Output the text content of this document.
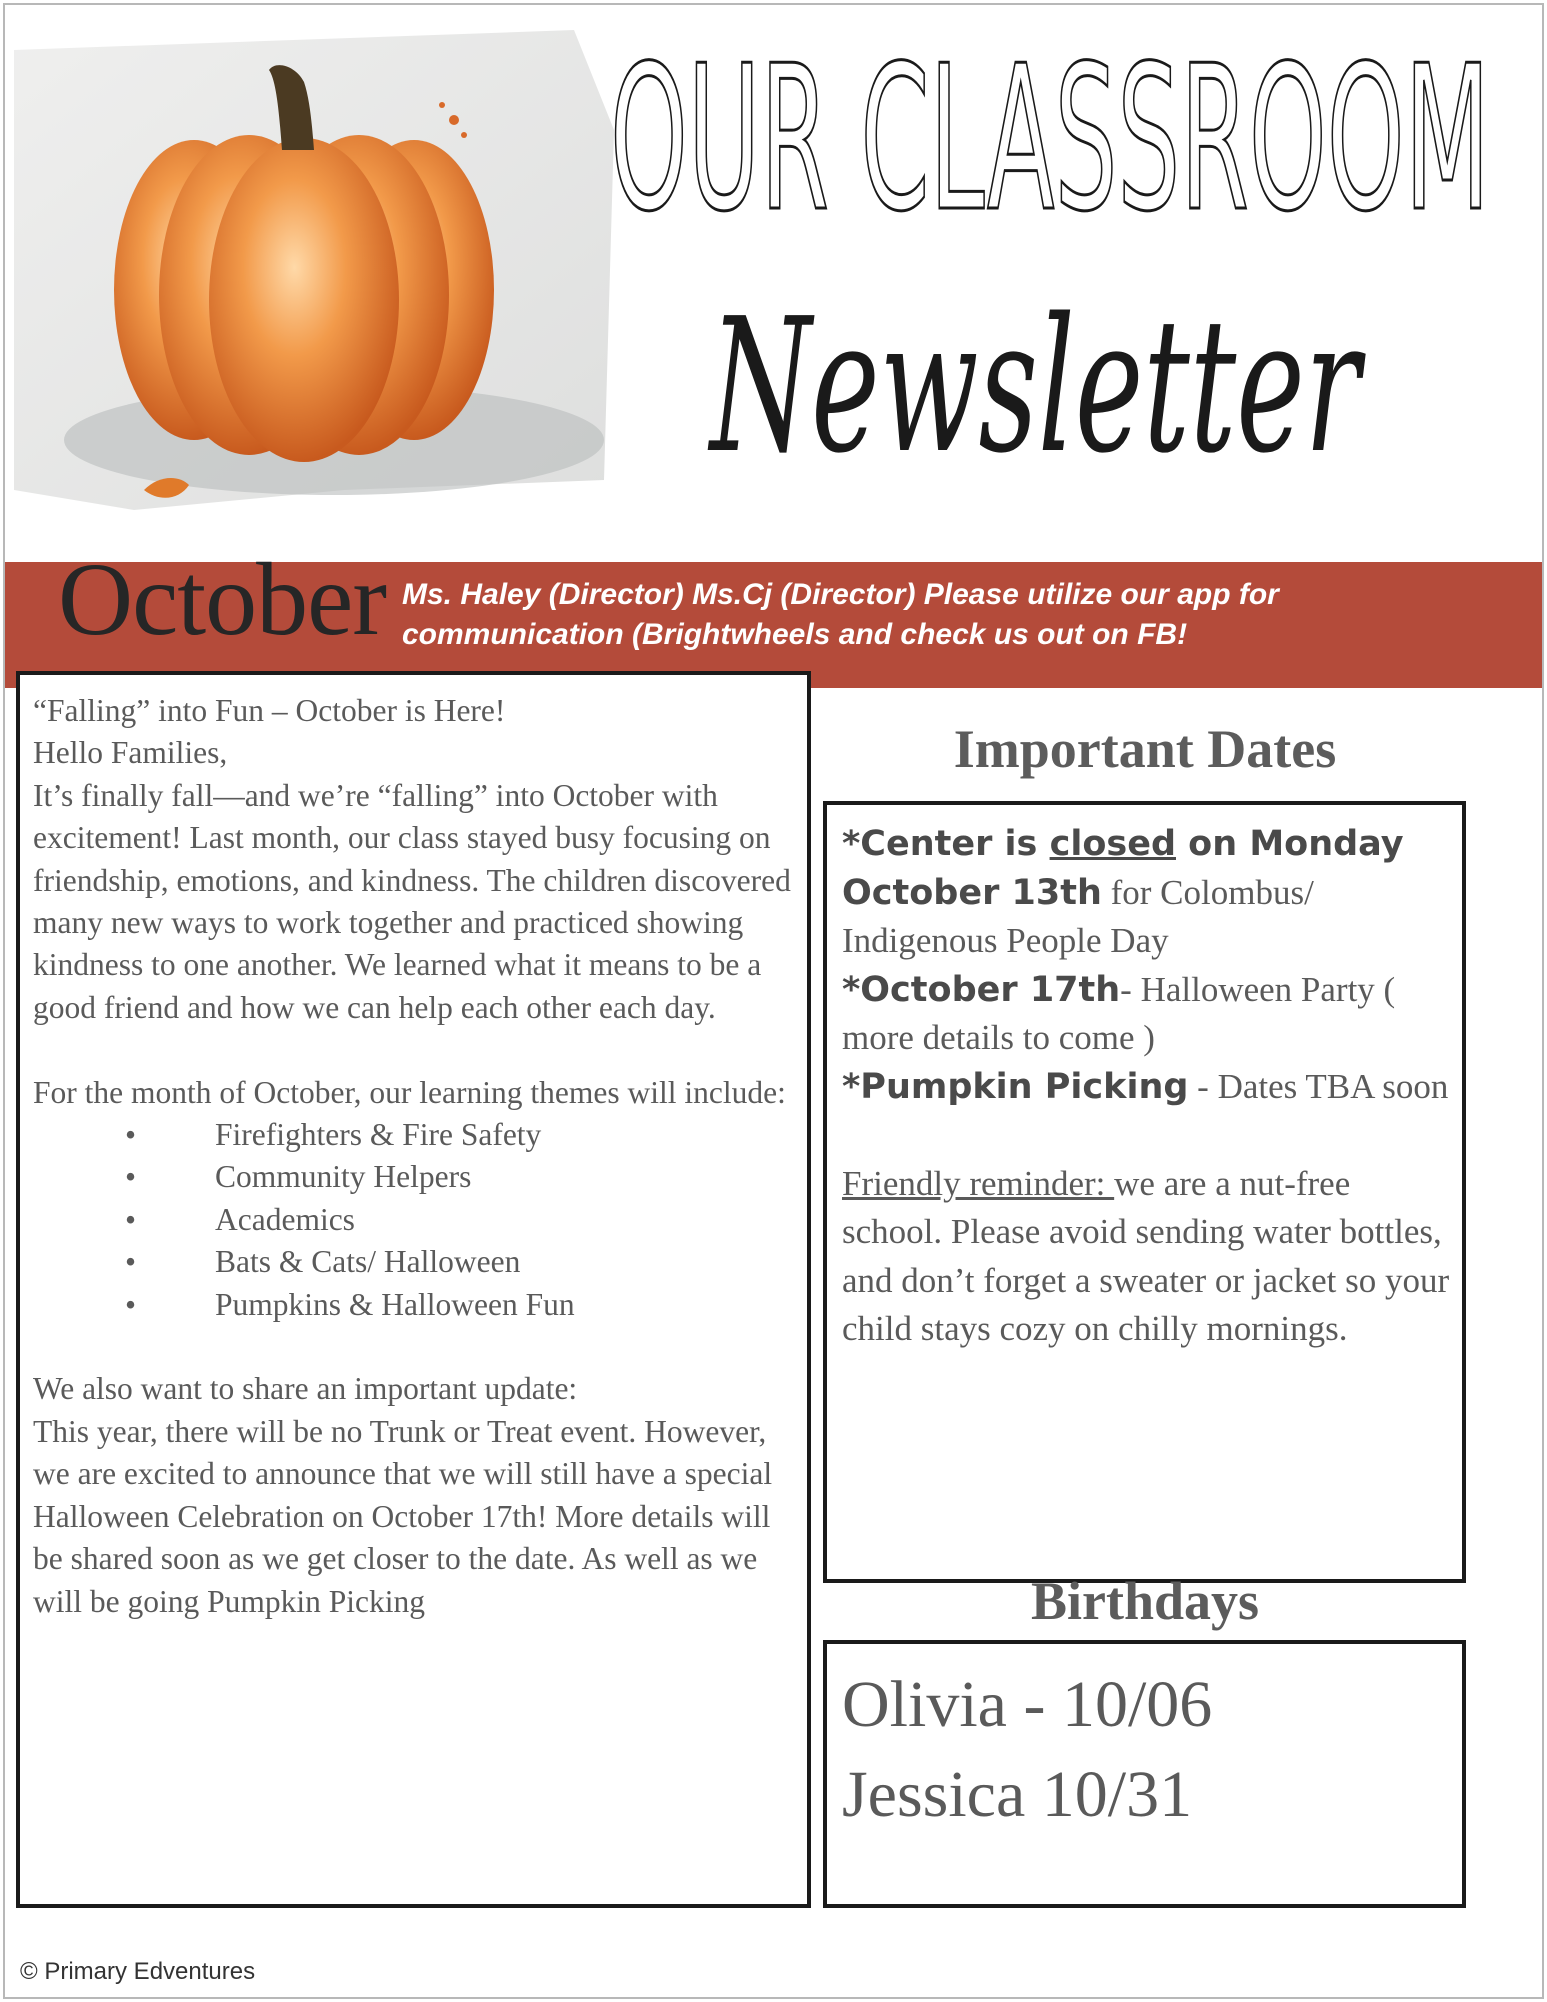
OUR CLASSROOM
Newsletter
October Ms. Haley (Director) Ms.Cj (Director) Please utilize our app for
communication (Brightwheels and check us out on FB!

“Falling” into Fun – October is Here!

Hello Families,

It’s finally fall—and we’re “falling” into October with excitement! Last month, our class stayed busy focusing on friendship, emotions, and kindness. The children discovered many new ways to work together and practiced showing kindness to one another. We learned what it means to be a good friend and how we can help each other each day.

For the month of October, our learning themes will include:

•	Firefighters & Fire Safety
•	Community Helpers
•	Academics
•	Bats & Cats/ Halloween
•	Pumpkins & Halloween Fun

We also want to share an important update:

This year, there will be no Trunk or Treat event. However, we are excited to announce that we will still have a special Halloween Celebration on October 17th! More details will be shared soon as we get closer to the date. As well as we will be going Pumpkin Picking

Important Dates

*Center is closed on Monday October 13th for Colombus/ Indigenous People Day

*October 17th- Halloween Party ( more details to come )

*Pumpkin Picking - Dates TBA soon

Friendly reminder: we are a nut-free school. Please avoid sending water bottles, and don’t forget a sweater or jacket so your child stays cozy on chilly mornings.

Birthdays
Olivia - 10/06
Jessica 10/31
© Primary Edventures
